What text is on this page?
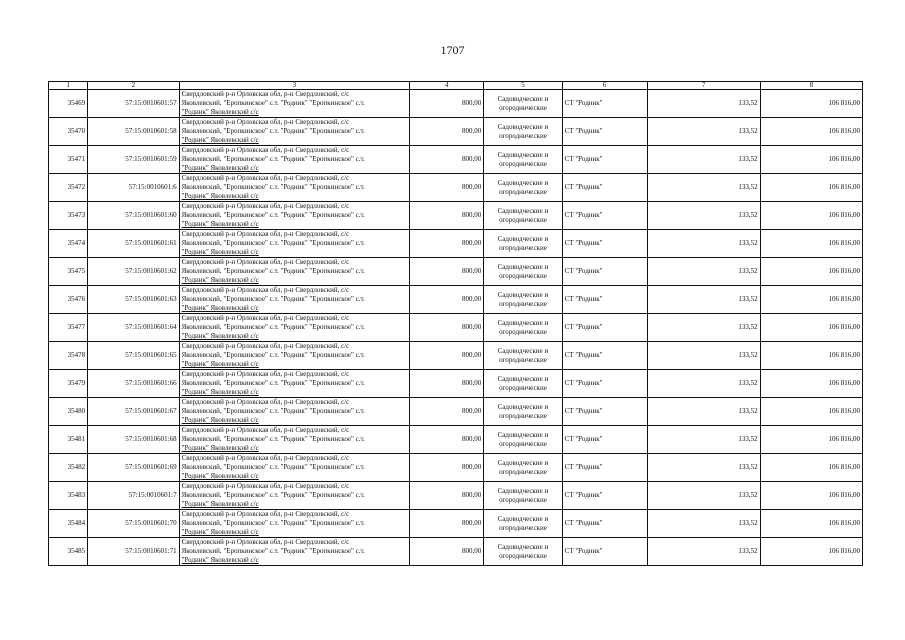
1707
1	2	3	4	5	6	7	8
35469	57:15:0010601:57	Свердловский р-н Орловская обл, р-н Свердловский, с/с
Яковлевский, "Еропкинское" с.т. "Родник" "Еропкинское" с.т.
"Родник" Яковлевский с/с	800,00	Садоводческие и огороднические	СТ "Родник"	133,52	106 816,00
35470	57:15:0010601:58	Свердловский р-н Орловская обл, р-н Свердловский, с/с
Яковлевский, "Еропкинское" с.т. "Родник" "Еропкинское" с.т.
"Родник" Яковлевский с/с	800,00	Садоводческие и огороднические	СТ "Родник"	133,52	106 816,00
35471	57:15:0010601:59	Свердловский р-н Орловская обл, р-н Свердловский, с/с
Яковлевский, "Еропкинское" с.т. "Родник" "Еропкинское" с.т.
"Родник" Яковлевский с/с	800,00	Садоводческие и огороднические	СТ "Родник"	133,52	106 816,00
35472	57:15:0010601:6	Свердловский р-н Орловская обл, р-н Свердловский, с/с
Яковлевский, "Еропкинское" с.т. "Родник" "Еропкинское" с.т.
"Родник" Яковлевский с/с	800,00	Садоводческие и огороднические	СТ "Родник"	133,52	106 816,00
35473	57:15:0010601:60	Свердловский р-н Орловская обл, р-н Свердловский, с/с
Яковлевский, "Еропкинское" с.т. "Родник" "Еропкинское" с.т.
"Родник" Яковлевский с/с	800,00	Садоводческие и огороднические	СТ "Родник"	133,52	106 816,00
35474	57:15:0010601:61	Свердловский р-н Орловская обл, р-н Свердловский, с/с
Яковлевский, "Еропкинское" с.т. "Родник" "Еропкинское" с.т.
"Родник" Яковлевский с/с	800,00	Садоводческие и огороднические	СТ "Родник"	133,52	106 816,00
35475	57:15:0010601:62	Свердловский р-н Орловская обл, р-н Свердловский, с/с
Яковлевский, "Еропкинское" с.т. "Родник" "Еропкинское" с.т.
"Родник" Яковлевский с/с	800,00	Садоводческие и огороднические	СТ "Родник"	133,52	106 816,00
35476	57:15:0010601:63	Свердловский р-н Орловская обл, р-н Свердловский, с/с
Яковлевский, "Еропкинское" с.т. "Родник" "Еропкинское" с.т.
"Родник" Яковлевский с/с	800,00	Садоводческие и огороднические	СТ "Родник"	133,52	106 816,00
35477	57:15:0010601:64	Свердловский р-н Орловская обл, р-н Свердловский, с/с
Яковлевский, "Еропкинское" с.т. "Родник" "Еропкинское" с.т.
"Родник" Яковлевский с/с	800,00	Садоводческие и огороднические	СТ "Родник"	133,52	106 816,00
35478	57:15:0010601:65	Свердловский р-н Орловская обл, р-н Свердловский, с/с
Яковлевский, "Еропкинское" с.т. "Родник" "Еропкинское" с.т.
"Родник" Яковлевский с/с	800,00	Садоводческие и огороднические	СТ "Родник"	133,52	106 816,00
35479	57:15:0010601:66	Свердловский р-н Орловская обл, р-н Свердловский, с/с
Яковлевский, "Еропкинское" с.т. "Родник" "Еропкинское" с.т.
"Родник" Яковлевский с/с	800,00	Садоводческие и огороднические	СТ "Родник"	133,52	106 816,00
35480	57:15:0010601:67	Свердловский р-н Орловская обл, р-н Свердловский, с/с
Яковлевский, "Еропкинское" с.т. "Родник" "Еропкинское" с.т.
"Родник" Яковлевский с/с	800,00	Садоводческие и огороднические	СТ "Родник"	133,52	106 816,00
35481	57:15:0010601:68	Свердловский р-н Орловская обл, р-н Свердловский, с/с
Яковлевский, "Еропкинское" с.т. "Родник" "Еропкинское" с.т.
"Родник" Яковлевский с/с	800,00	Садоводческие и огороднические	СТ "Родник"	133,52	106 816,00
35482	57:15:0010601:69	Свердловский р-н Орловская обл, р-н Свердловский, с/с
Яковлевский, "Еропкинское" с.т. "Родник" "Еропкинское" с.т.
"Родник" Яковлевский с/с	800,00	Садоводческие и огороднические	СТ "Родник"	133,52	106 816,00
35483	57:15:0010601:7	Свердловский р-н Орловская обл, р-н Свердловский, с/с
Яковлевский, "Еропкинское" с.т. "Родник" "Еропкинское" с.т.
"Родник" Яковлевский с/с	800,00	Садоводческие и огороднические	СТ "Родник"	133,52	106 816,00
35484	57:15:0010601:70	Свердловский р-н Орловская обл, р-н Свердловский, с/с
Яковлевский, "Еропкинское" с.т. "Родник" "Еропкинское" с.т.
"Родник" Яковлевский с/с	800,00	Садоводческие и огороднические	СТ "Родник"	133,52	106 816,00
35485	57:15:0010601:71	Свердловский р-н Орловская обл, р-н Свердловский, с/с
Яковлевский, "Еропкинское" с.т. "Родник" "Еропкинское" с.т.
"Родник" Яковлевский с/с	800,00	Садоводческие и огороднические	СТ "Родник"	133,52	106 816,00
